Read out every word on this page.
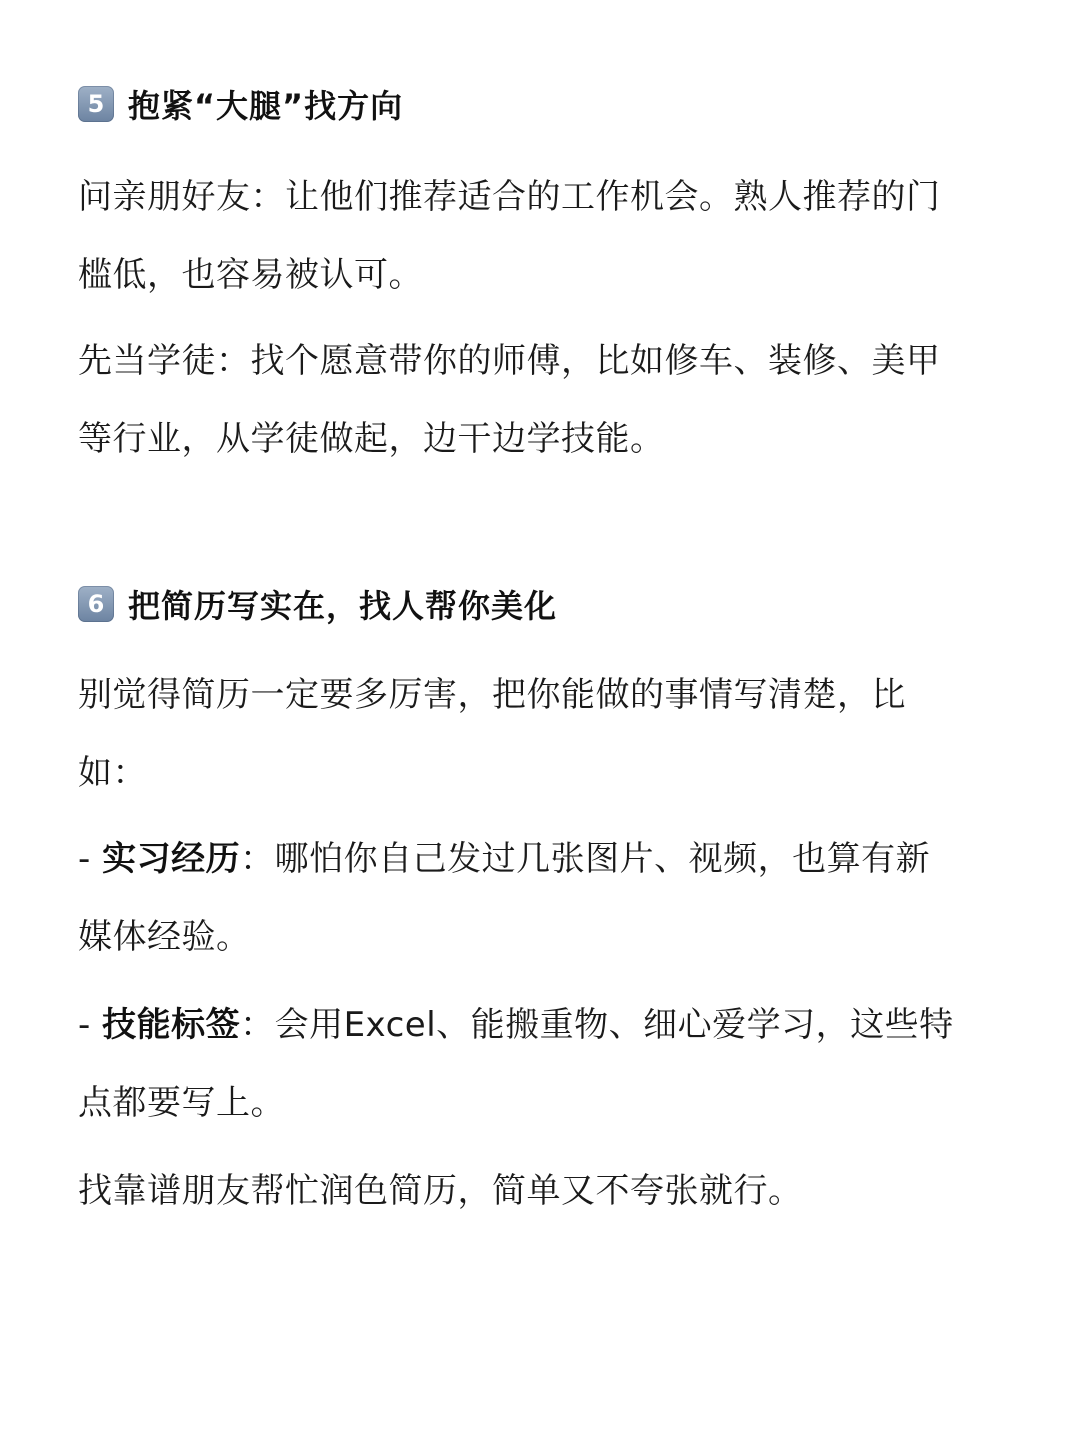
5 抱紧“大腿”找方向
问亲朋好友：让他们推荐适合的工作机会。熟人推荐的门
槛低，也容易被认可。
先当学徒：找个愿意带你的师傅，比如修车、装修、美甲
等行业，从学徒做起，边干边学技能。
6 把简历写实在，找人帮你美化
别觉得简历一定要多厉害，把你能做的事情写清楚，比
如：
- 实习经历：哪怕你自己发过几张图片、视频，也算有新
媒体经验。
- 技能标签：会用Excel、能搬重物、细心爱学习，这些特
点都要写上。
找靠谱朋友帮忙润色简历，简单又不夸张就行。
